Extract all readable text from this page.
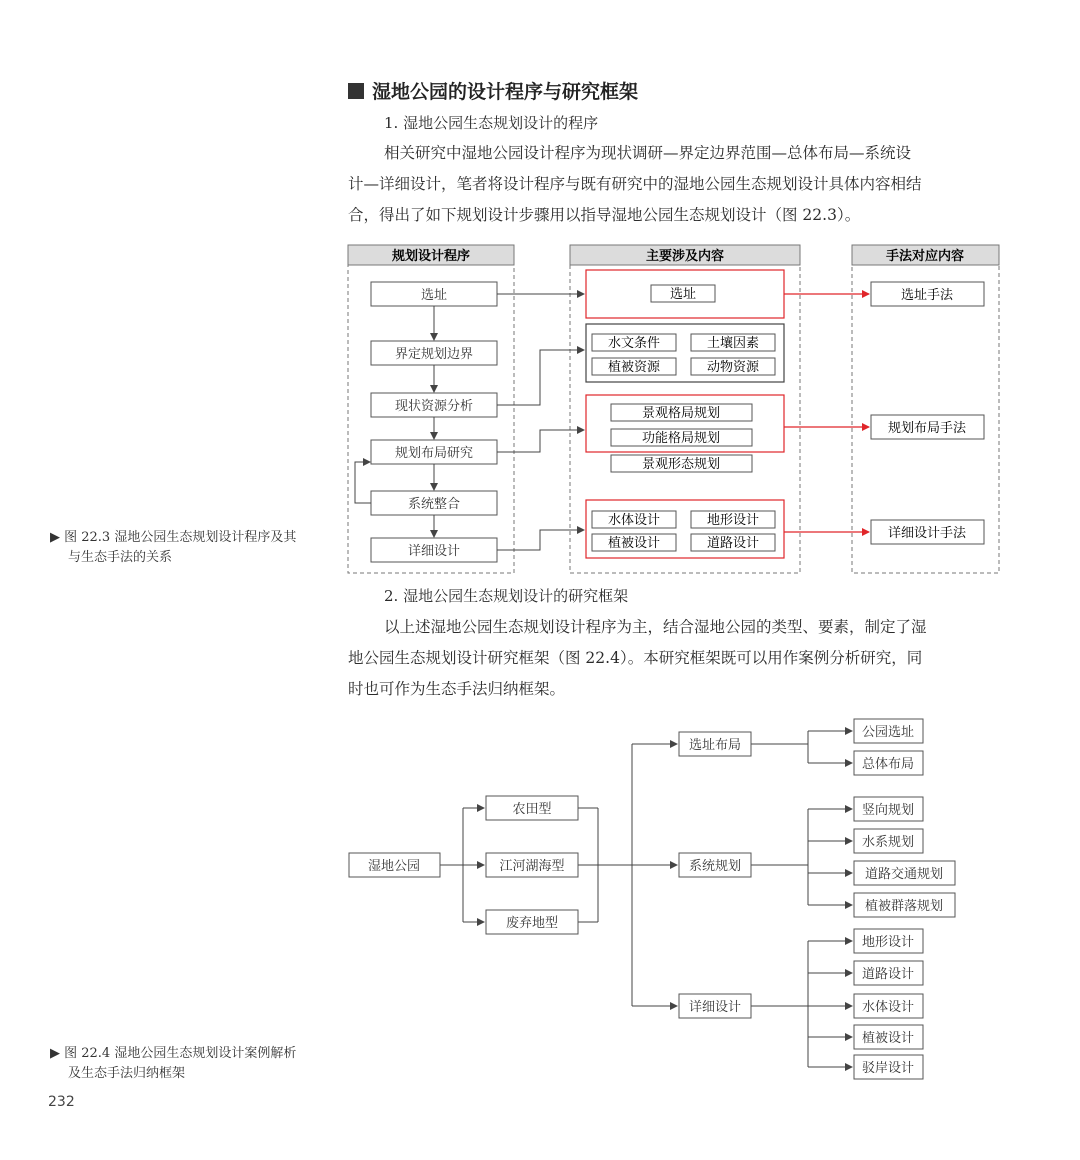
湿地公园的设计程序与研究框架
1. 湿地公园生态规划设计的程序
相关研究中湿地公园设计程序为现状调研—界定边界范围—总体布局—系统设
计—详细设计，笔者将设计程序与既有研究中的湿地公园生态规划设计具体内容相结
合，得出了如下规划设计步骤用以指导湿地公园生态规划设计（图 22.3）。
2. 湿地公园生态规划设计的研究框架
以上述湿地公园生态规划设计程序为主，结合湿地公园的类型、要素，制定了湿
地公园生态规划设计研究框架（图 22.4）。本研究框架既可以用作案例分析研究，同
时也可作为生态手法归纳框架。
▶ 图 22.3 湿地公园生态规划设计程序及其
与生态手法的关系
▶ 图 22.4 湿地公园生态规划设计案例解析
及生态手法归纳框架
232
规划设计程序	主要涉及内容	手法对应内容
选址
界定规划边界
现状资源分析
规划布局研究
系统整合
详细设计
选址
水文条件	土壤因素
植被资源	动物资源
景观格局规划
功能格局规划
景观形态规划
水体设计	地形设计
植被设计	道路设计
选址手法
规划布局手法
详细设计手法
湿地公园
农田型
江河湖海型
废弃地型
选址布局
系统规划
详细设计
公园选址
总体布局
竖向规划
水系规划
道路交通规划
植被群落规划
地形设计
道路设计
水体设计
植被设计
驳岸设计
